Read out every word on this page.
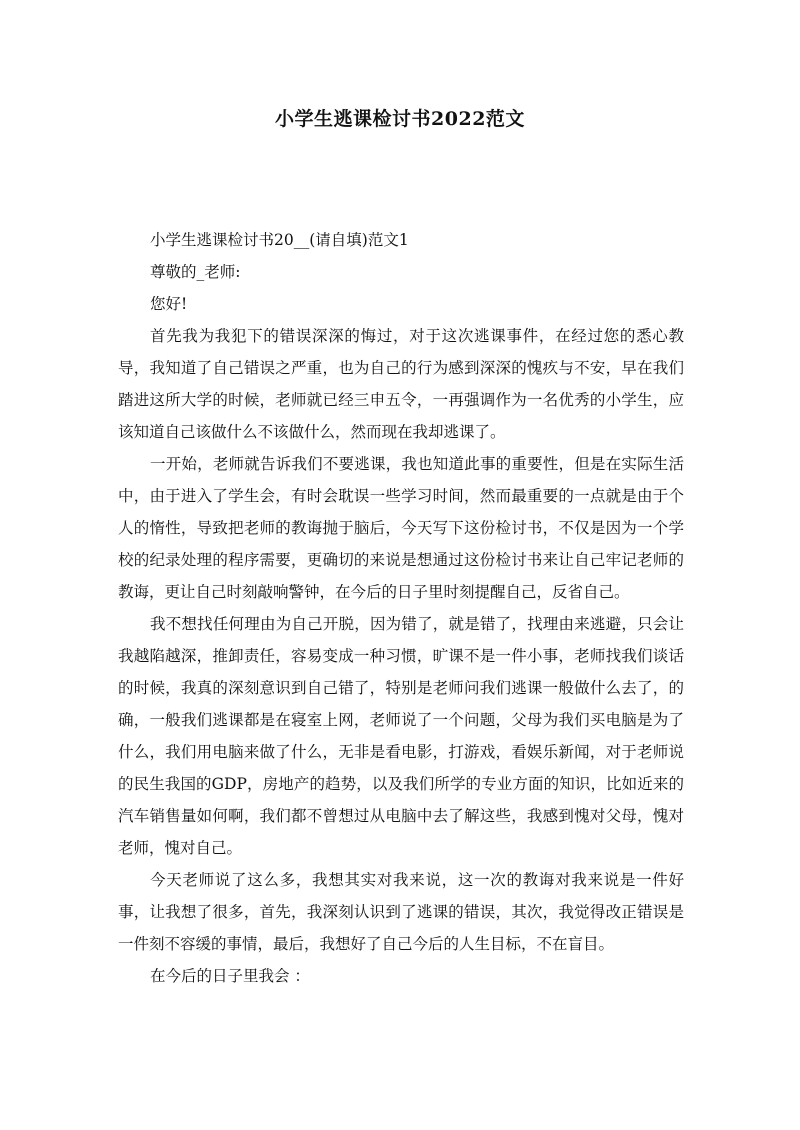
小学生逃课检讨书2022范文
小学生逃课检讨书20__(请自填)范文1
尊敬的_老师:
您好!

首先我为我犯下的错误深深的悔过，对于这次逃课事件，在经过您的悉心教导，我知道了自己错误之严重，也为自己的行为感到深深的愧疚与不安，早在我们踏进这所大学的时候，老师就已经三申五令，一再强调作为一名优秀的小学生，应该知道自己该做什么不该做什么，然而现在我却逃课了。

一开始，老师就告诉我们不要逃课，我也知道此事的重要性，但是在实际生活中，由于进入了学生会，有时会耽误一些学习时间，然而最重要的一点就是由于个人的惰性，导致把老师的教诲抛于脑后，今天写下这份检讨书，不仅是因为一个学校的纪录处理的程序需要，更确切的来说是想通过这份检讨书来让自己牢记老师的教诲，更让自己时刻敲响警钟，在今后的日子里时刻提醒自己，反省自己。

我不想找任何理由为自己开脱，因为错了，就是错了，找理由来逃避，只会让我越陷越深，推卸责任，容易变成一种习惯，旷课不是一件小事，老师找我们谈话的时候，我真的深刻意识到自己错了，特别是老师问我们逃课一般做什么去了，的确，一般我们逃课都是在寝室上网，老师说了一个问题，父母为我们买电脑是为了什么，我们用电脑来做了什么，无非是看电影，打游戏，看娱乐新闻，对于老师说的民生我国的GDP，房地产的趋势，以及我们所学的专业方面的知识，比如近来的汽车销售量如何啊，我们都不曾想过从电脑中去了解这些，我感到愧对父母，愧对老师，愧对自己。

今天老师说了这么多，我想其实对我来说，这一次的教诲对我来说是一件好事，让我想了很多，首先，我深刻认识到了逃课的错误，其次，我觉得改正错误是一件刻不容缓的事情，最后，我想好了自己今后的人生目标，不在盲目。

在今后的日子里我会 ：
